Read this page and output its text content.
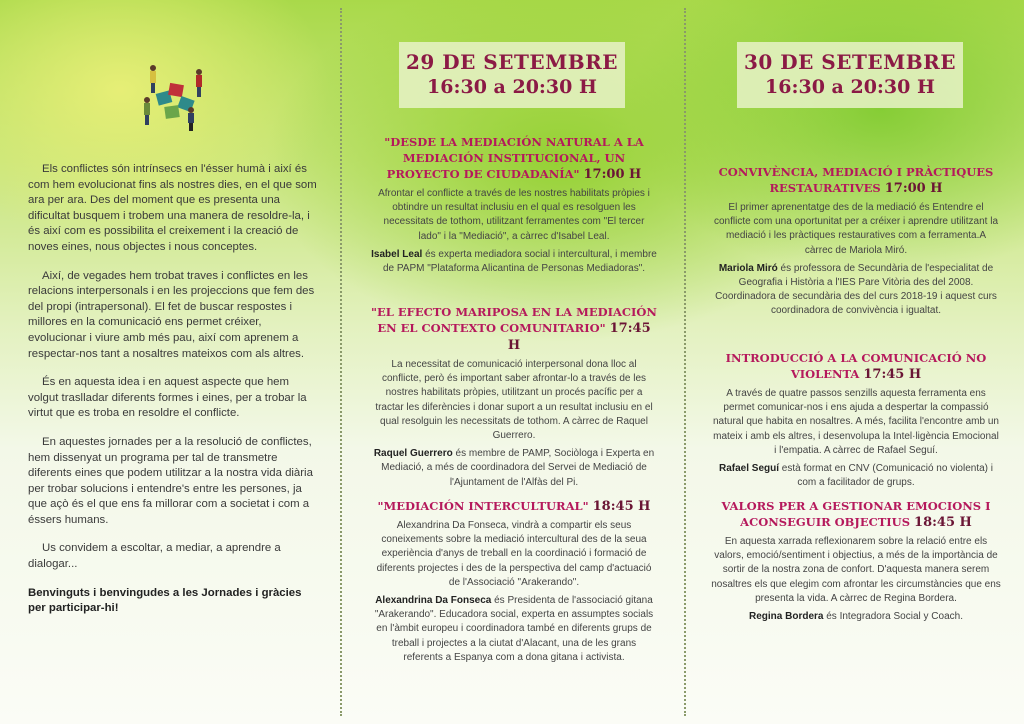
Els conflictes són intrínsecs en l'ésser humà i així és com hem evolucionat fins als nostres dies, en el que som ara per ara. Des del moment que es presenta una dificultat busquem i trobem una manera de resoldre-la, i és així com es possibilita el creixement i la creació de noves eines, nous objectes i nous conceptes.

Així, de vegades hem trobat traves i conflictes en les relacions interpersonals i en les projeccions que fem des del propi (intrapersonal). El fet de buscar respostes i millores en la comunicació ens permet créixer, evolucionar i viure amb més pau, així com aprenem a respectar-nos tant a nosaltres mateixos com als altres.

És en aquesta idea i en aquest aspecte que hem volgut traslladar diferents formes i eines, per a trobar la virtut que es troba en resoldre el conflicte.

En aquestes jornades per a la resolució de conflictes, hem dissenyat un programa per tal de transmetre diferents eines que podem utilitzar a la nostra vida diària per trobar solucions i entendre's entre les persones, ja que açò és el que ens fa millorar com a societat i com a éssers humans.

Us convidem a escoltar, a mediar, a aprendre a dialogar...

Benvinguts i benvingudes a les Jornades i gràcies per participar-hi!

29 DE SETEMBRE
16:30 a 20:30 H
"DESDE LA MEDIACIÓN NATURAL A LA MEDIACIÓN INSTITUCIONAL, UN PROYECTO DE CIUDADANÍA" 17:00 H

Afrontar el conflicte a través de les nostres habilitats pròpies i obtindre un resultat inclusiu en el qual es resolguen les necessitats de tothom, utilitzant ferramentes com "El tercer lado" i la "Mediació", a càrrec d'Isabel Leal.

Isabel Leal és experta mediadora social i intercultural, i membre de PAPM "Plataforma Alicantina de Personas Mediadoras".

"EL EFECTO MARIPOSA EN LA MEDIACIÓN EN EL CONTEXTO COMUNITARIO" 17:45 H

La necessitat de comunicació interpersonal dona lloc al conflicte, però és important saber afrontar-lo a través de les nostres habilitats pròpies, utilitzant un procés pacífic per a tractar les diferències i donar suport a un resultat inclusiu en el qual resolguin les necessitats de tothom. A càrrec de Raquel Guerrero.

Raquel Guerrero és membre de PAMP, Sociòloga i Experta en Mediació, a més de coordinadora del Servei de Mediació de l'Ajuntament de l'Alfàs del Pi.

"MEDIACIÓN INTERCULTURAL" 18:45 H

Alexandrina Da Fonseca, vindrà a compartir els seus coneixements sobre la mediació intercultural des de la seua experiència d'anys de treball en la coordinació i formació de diferents projectes i des de la perspectiva del camp d'actuació de l'Associació "Arakerando".

Alexandrina Da Fonseca és Presidenta de l'associació gitana "Arakerando". Educadora social, experta en assumptes socials en l'àmbit europeu i coordinadora també en diferents grups de treball i projectes a la ciutat d'Alacant, una de les grans referents a Espanya com a dona gitana i activista.

30 DE SETEMBRE
16:30 a 20:30 H
CONVIVÈNCIA, MEDIACIÓ I PRÀCTIQUES RESTAURATIVES 17:00 H

El primer aprenentatge des de la mediació és Entendre el conflicte com una oportunitat per a créixer i aprendre utilitzant la mediació i les pràctiques restauratives com a ferramenta.A càrrec de Mariola Miró.

Mariola Miró és professora de Secundària de l'especialitat de Geografia i Història a l'IES Pare Vitòria des del 2008. Coordinadora de secundària des del curs 2018-19 i aquest curs coordinadora de convivència i igualtat.

INTRODUCCIÓ A LA COMUNICACIÓ NO VIOLENTA 17:45 H

A través de quatre passos senzills aquesta ferramenta ens permet comunicar-nos i ens ajuda a despertar la compassió natural que habita en nosaltres. A més, facilita l'encontre amb un mateix i amb els altres, i desenvolupa la Intel·ligència Emocional i l'empatia. A càrrec de Rafael Seguí.

Rafael Seguí està format en CNV (Comunicació no violenta) i com a facilitador de grups.

VALORS PER A GESTIONAR EMOCIONS I ACONSEGUIR OBJECTIUS 18:45 H

En aquesta xarrada reflexionarem sobre la relació entre els valors, emoció/sentiment i objectius, a més de la importància de sortir de la nostra zona de confort. D'aquesta manera serem nosaltres els que elegim com afrontar les circumstàncies que ens presenta la vida. A càrrec de Regina Bordera.

Regina Bordera és Integradora Social y Coach.
